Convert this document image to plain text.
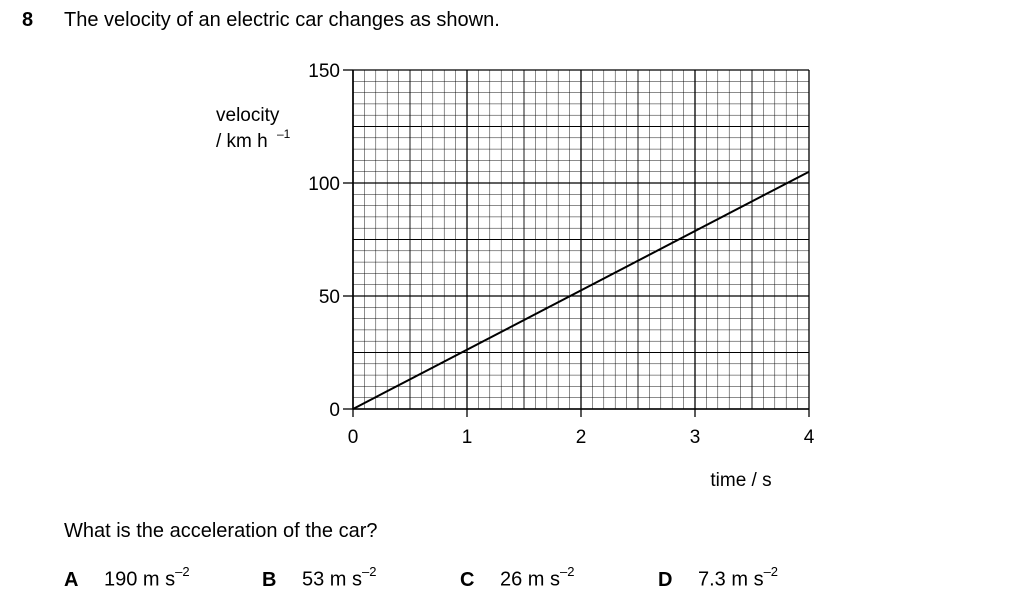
8 The velocity of an electric car changes as shown.
0
50
100
150
0	1	2	3	4
velocity
/ km h –1
time / s
What is the acceleration of the car?
A 190 m $s^{-2}$	B 53 m $s^{-2}$	C 26 m $s^{-2}$	D 7.3 m $s^{-2}$
